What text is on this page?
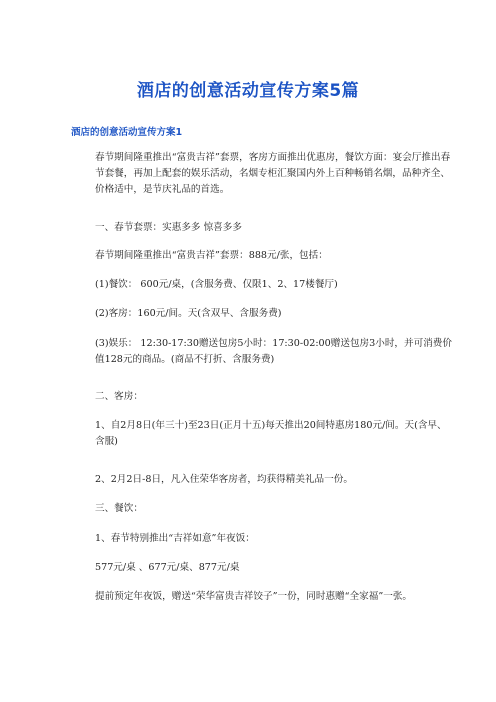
酒店的创意活动宣传方案5篇
酒店的创意活动宣传方案1
春节期间隆重推出“富贵吉祥”套票，客房方面推出优惠房，餐饮方面：宴会厅推出春节套餐，再加上配套的娱乐活动，名烟专柜汇聚国内外上百种畅销名烟，品种齐全、价格适中，是节庆礼品的首选。
一、春节套票：实惠多多 惊喜多多
春节期间隆重推出“富贵吉祥”套票：888元/张，包括：
(1)餐饮： 600元/桌，(含服务费、仅限1、2、17楼餐厅)
(2)客房：160元/间。天(含双早、含服务费)
(3)娱乐： 12:30-17:30赠送包房5小时：17:30-02:00赠送包房3小时，并可消费价值128元的商品。(商品不打折、含服务费)
二、客房：
1、自2月8日(年三十)至23日(正月十五)每天推出20间特惠房180元/间。天(含早、含服)
2、2月2日-8日，凡入住荣华客房者，均获得精美礼品一份。
三、餐饮：
1、春节特别推出“吉祥如意”年夜饭：
577元/桌 、677元/桌、877元/桌
提前预定年夜饭，赠送“荣华富贵吉祥饺子”一份，同时惠赠“全家福”一张。
